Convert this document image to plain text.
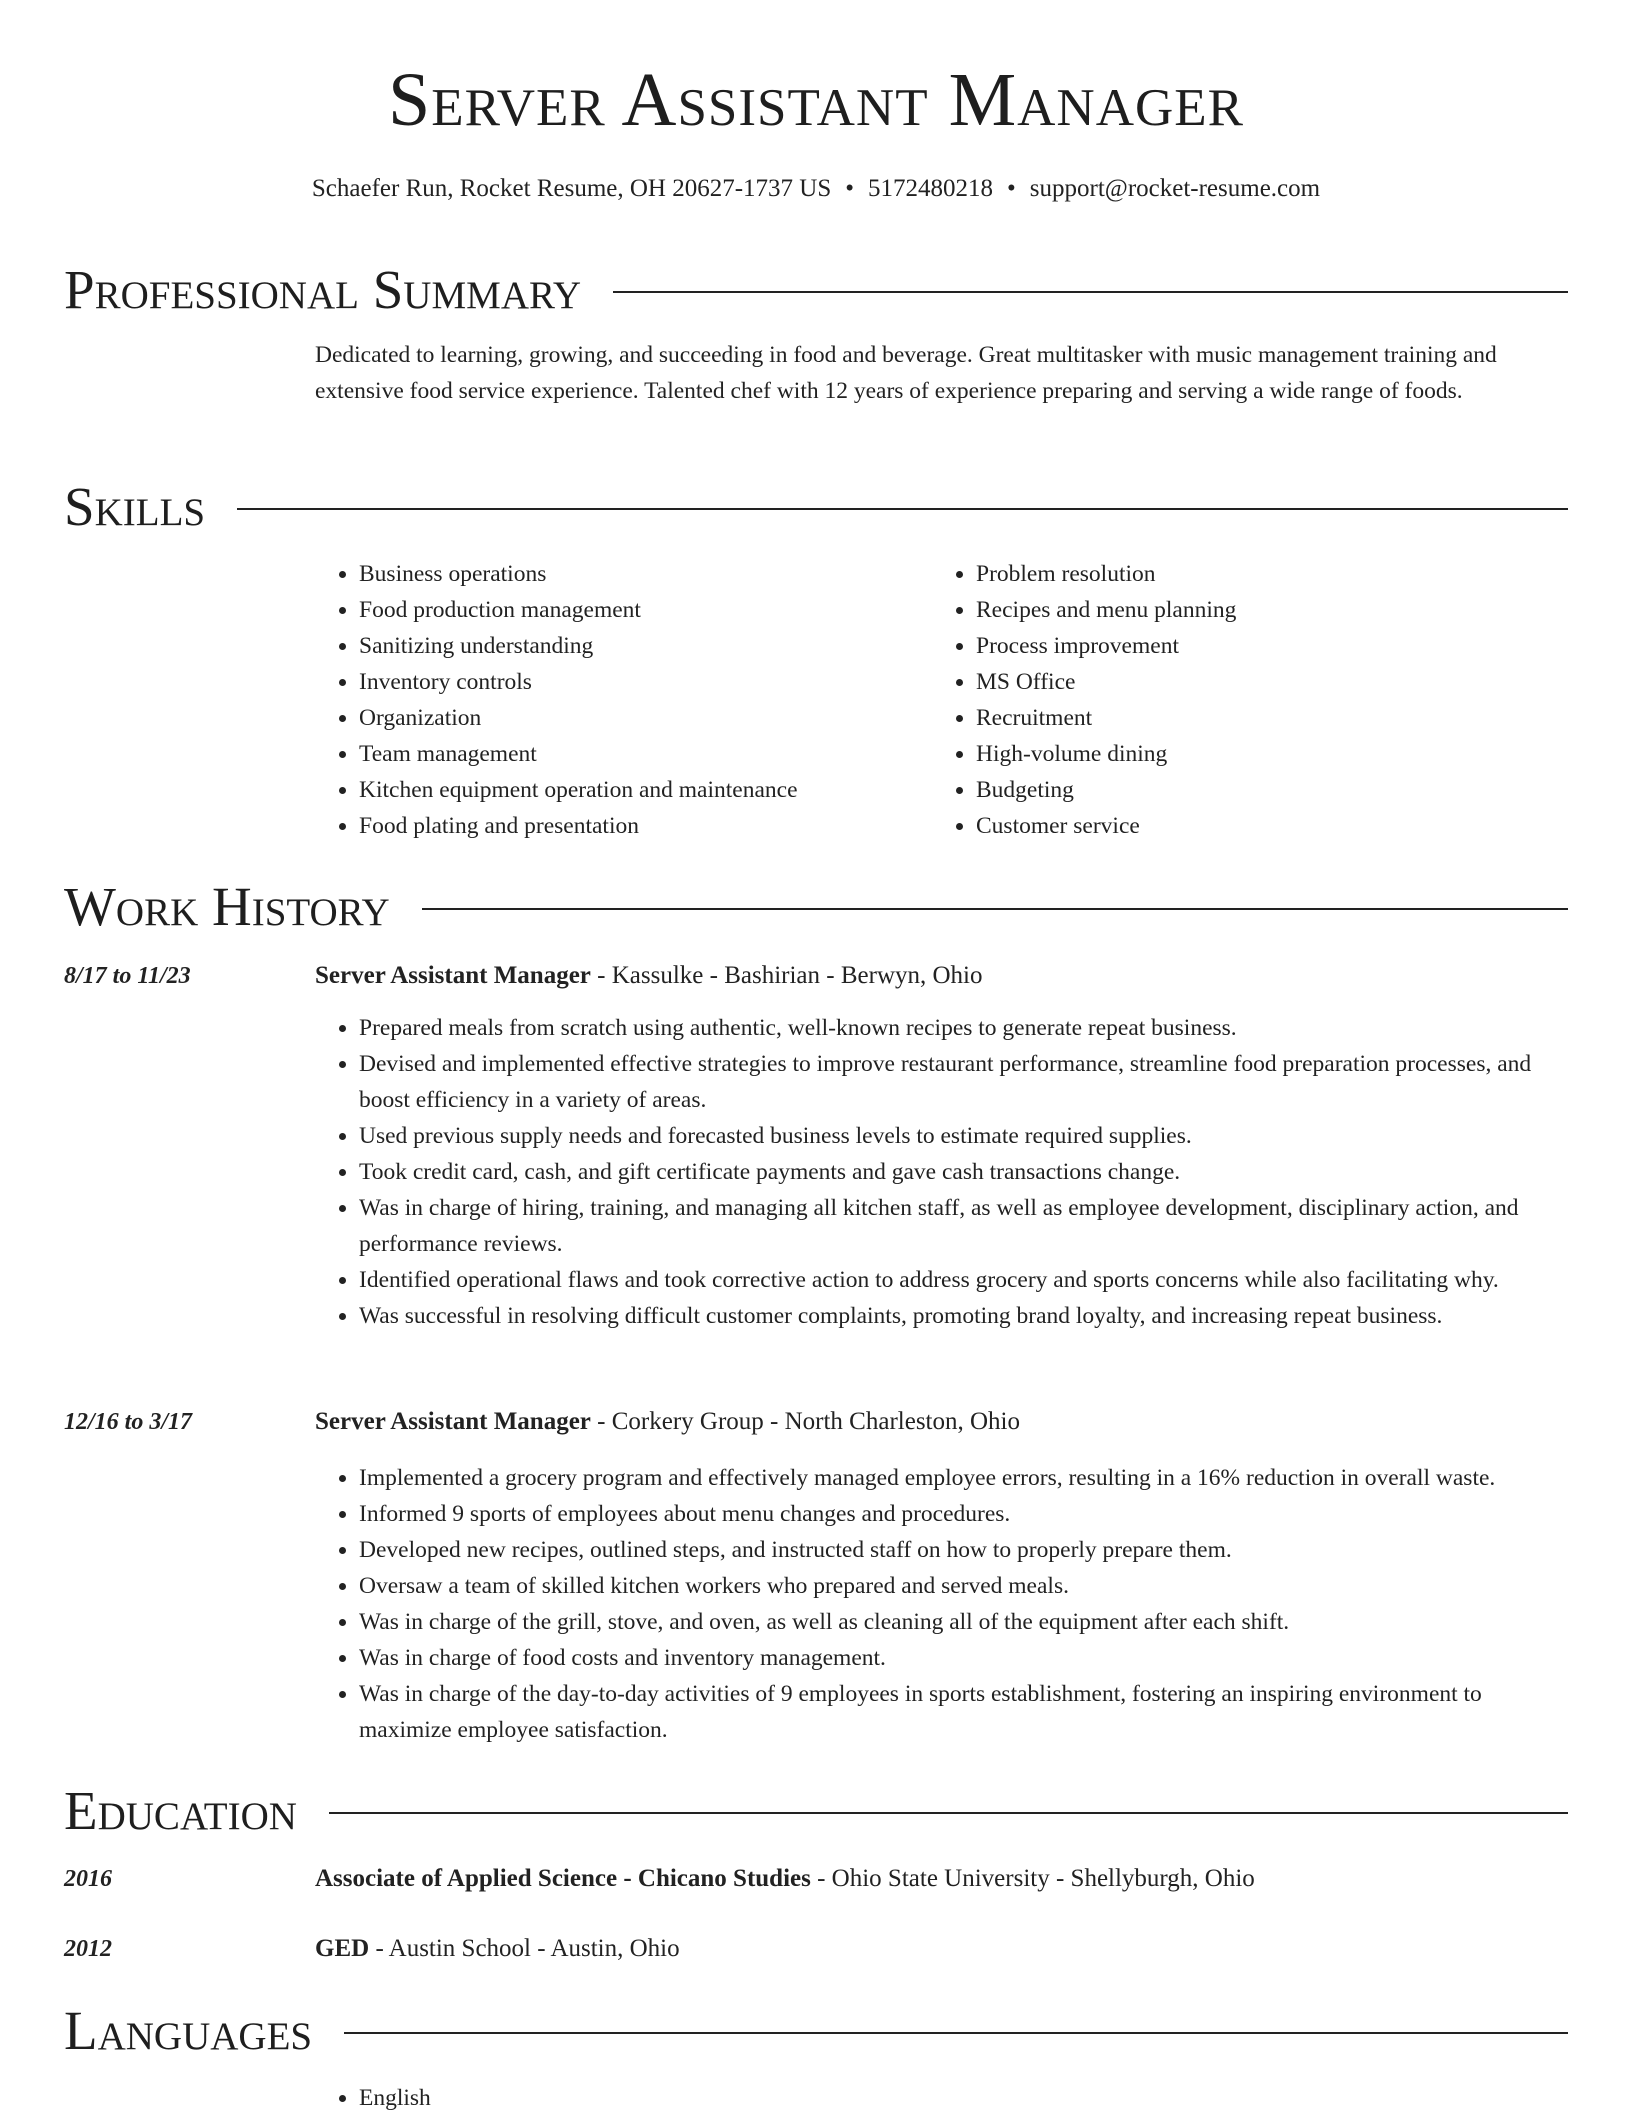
Server Assistant Manager
Schaefer Run, Rocket Resume, OH 20627-1737 US • 5172480218 • support@rocket-resume.com
Professional Summary
Dedicated to learning, growing, and succeeding in food and beverage. Great multitasker with music management training and extensive food service experience. Talented chef with 12 years of experience preparing and serving a wide range of foods.
Skills
• Business operations
• Food production management
• Sanitizing understanding
• Inventory controls
• Organization
• Team management
• Kitchen equipment operation and maintenance
• Food plating and presentation
• Problem resolution
• Recipes and menu planning
• Process improvement
• MS Office
• Recruitment
• High-volume dining
• Budgeting
• Customer service
Work History
8/17 to 11/23	Server Assistant Manager - Kassulke - Bashirian - Berwyn, Ohio
• Prepared meals from scratch using authentic, well-known recipes to generate repeat business.
• Devised and implemented effective strategies to improve restaurant performance, streamline food preparation processes, and boost efficiency in a variety of areas.
• Used previous supply needs and forecasted business levels to estimate required supplies.
• Took credit card, cash, and gift certificate payments and gave cash transactions change.
• Was in charge of hiring, training, and managing all kitchen staff, as well as employee development, disciplinary action, and performance reviews.
• Identified operational flaws and took corrective action to address grocery and sports concerns while also facilitating why.
• Was successful in resolving difficult customer complaints, promoting brand loyalty, and increasing repeat business.
12/16 to 3/17	Server Assistant Manager - Corkery Group - North Charleston, Ohio
• Implemented a grocery program and effectively managed employee errors, resulting in a 16% reduction in overall waste.
• Informed 9 sports of employees about menu changes and procedures.
• Developed new recipes, outlined steps, and instructed staff on how to properly prepare them.
• Oversaw a team of skilled kitchen workers who prepared and served meals.
• Was in charge of the grill, stove, and oven, as well as cleaning all of the equipment after each shift.
• Was in charge of food costs and inventory management.
• Was in charge of the day-to-day activities of 9 employees in sports establishment, fostering an inspiring environment to maximize employee satisfaction.
Education
2016	Associate of Applied Science - Chicano Studies - Ohio State University - Shellyburgh, Ohio
2012	GED - Austin School - Austin, Ohio
Languages
• English
